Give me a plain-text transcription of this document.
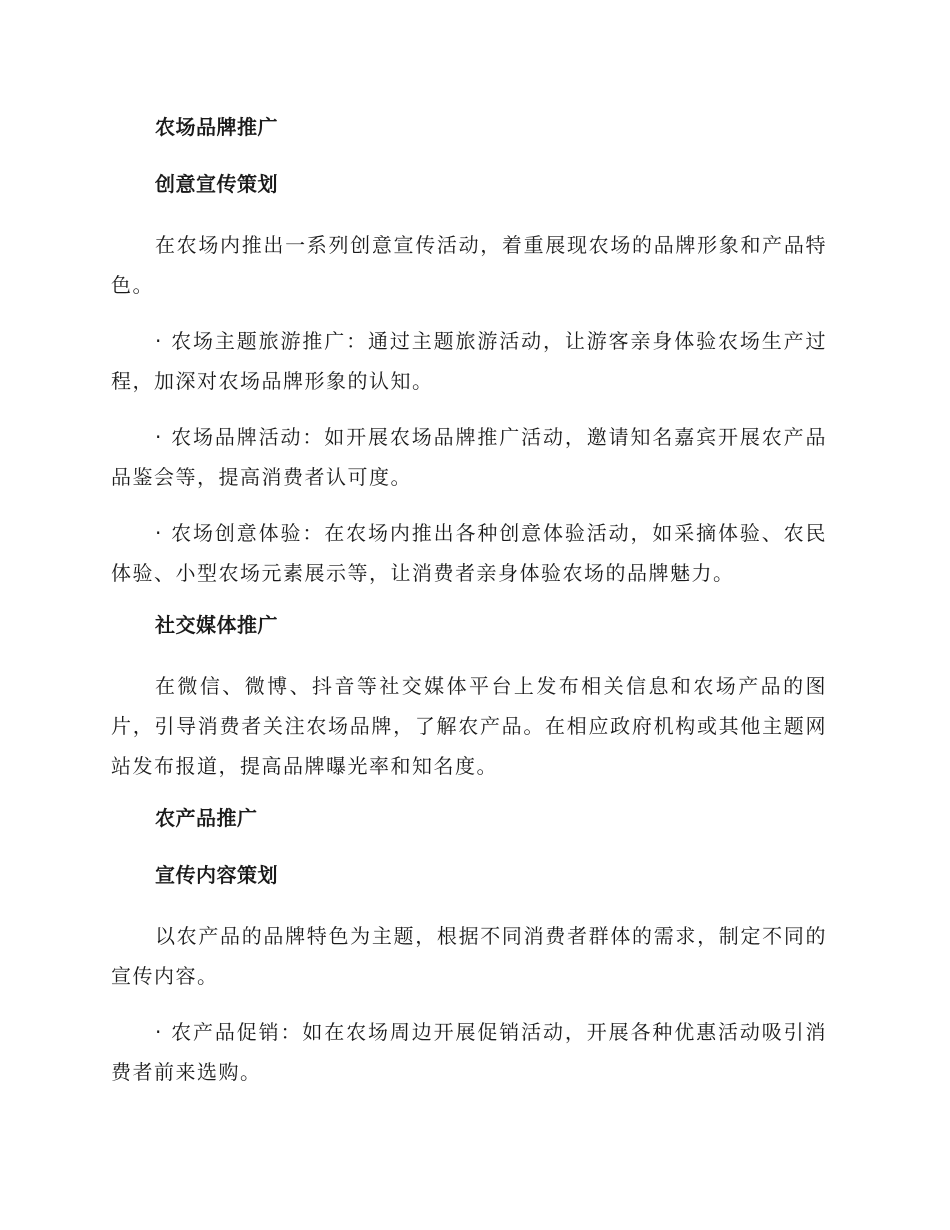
农场品牌推广
创意宣传策划

在农场内推出一系列创意宣传活动，着重展现农场的品牌形象和产品特色。

· 农场主题旅游推广：通过主题旅游活动，让游客亲身体验农场生产过程，加深对农场品牌形象的认知。

· 农场品牌活动：如开展农场品牌推广活动，邀请知名嘉宾开展农产品品鉴会等，提高消费者认可度。

· 农场创意体验：在农场内推出各种创意体验活动，如采摘体验、农民体验、小型农场元素展示等，让消费者亲身体验农场的品牌魅力。

社交媒体推广

在微信、微博、抖音等社交媒体平台上发布相关信息和农场产品的图片，引导消费者关注农场品牌，了解农产品。在相应政府机构或其他主题网站发布报道，提高品牌曝光率和知名度。

农产品推广
宣传内容策划

以农产品的品牌特色为主题，根据不同消费者群体的需求，制定不同的宣传内容。

· 农产品促销：如在农场周边开展促销活动，开展各种优惠活动吸引消费者前来选购。
